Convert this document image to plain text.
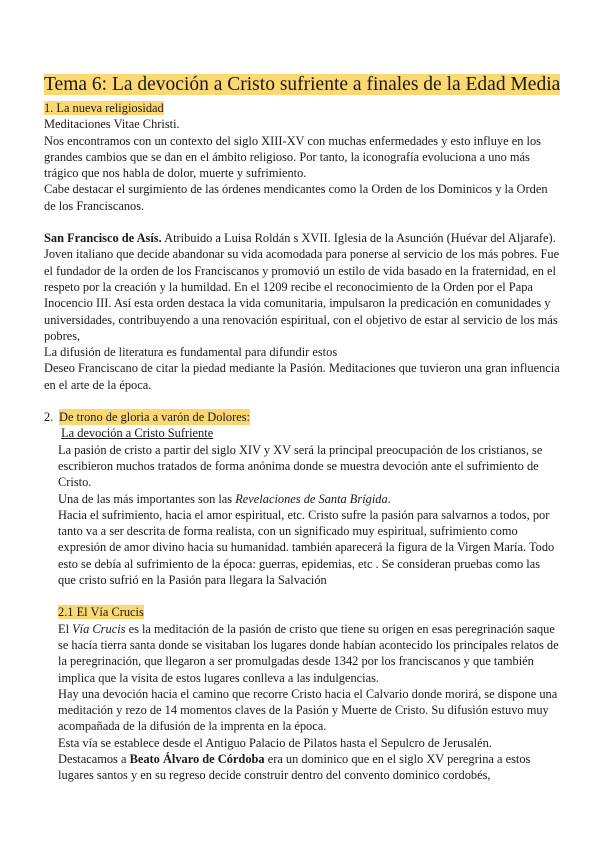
Tema 6: La devoción a Cristo sufriente a finales de la Edad Media

1. La nueva religiosidad

Meditaciones Vitae Christi.

Nos encontramos con un contexto del siglo XIII-XV con muchas enfermedades y esto influye en los grandes cambios que se dan en el ámbito religioso. Por tanto, la iconografía evoluciona a uno más trágico que nos habla de dolor, muerte y sufrimiento.

Cabe destacar el surgimiento de las órdenes mendicantes como la Orden de los Dominicos y la Orden de los Franciscanos.

San Francisco de Asís. Atribuido a Luisa Roldán s XVII. Iglesia de la Asunción (Huévar del Aljarafe). Joven italiano que decide abandonar su vida acomodada para ponerse al servicio de los más pobres. Fue el fundador de la orden de los Franciscanos y promovió un estilo de vida basado en la fraternidad, en el respeto por la creación y la humildad. En el 1209 recibe el reconocimiento de la Orden por el Papa Inocencio III. Así esta orden destaca la vida comunitaria, impulsaron la predicación en comunidades y universidades, contribuyendo a una renovación espiritual, con el objetivo de estar al servicio de los más pobres,

La difusión de literatura es fundamental para difundir estos

Deseo Franciscano de citar la piedad mediante la Pasión. Meditaciones que tuvieron una gran influencia en el arte de la época.

2. De trono de gloria a varón de Dolores:

La devoción a Cristo Sufriente

La pasión de cristo a partir del siglo XIV y XV será la principal preocupación de los cristianos, se escribieron muchos tratados de forma anónima donde se muestra devoción ante el sufrimiento de Cristo.

Una de las más importantes son las Revelaciones de Santa Brígida.

Hacia el sufrimiento, hacia el amor espiritual, etc. Cristo sufre la pasión para salvarnos a todos, por tanto va a ser descrita de forma realista, con un significado muy espiritual, sufrimiento como expresión de amor divino hacia su humanidad. también aparecerá la figura de la Virgen María. Todo esto se debía al sufrimiento de la época: guerras, epidemias, etc . Se consideran pruebas como las que cristo sufrió en la Pasión para llegara la Salvación

2.1 El Vía Crucis

El Vía Crucis es la meditación de la pasión de cristo que tiene su origen en esas peregrinación saque se hacía tierra santa donde se visitaban los lugares donde habían acontecido los principales relatos de la peregrinación, que llegaron a ser promulgadas desde 1342 por los franciscanos y que también implica que la visita de estos lugares conlleva a las indulgencias.

Hay una devoción hacia el camino que recorre Cristo hacia el Calvario donde morirá, se dispone una meditación y rezo de 14 momentos claves de la Pasión y Muerte de Cristo. Su difusión estuvo muy acompañada de la difusión de la imprenta en la época.

Esta vía se establece desde el Antiguo Palacio de Pilatos hasta el Sepulcro de Jerusalén.

Destacamos a Beato Álvaro de Córdoba era un dominico que en el siglo XV peregrina a estos lugares santos y en su regreso decide construir dentro del convento dominico cordobés,
